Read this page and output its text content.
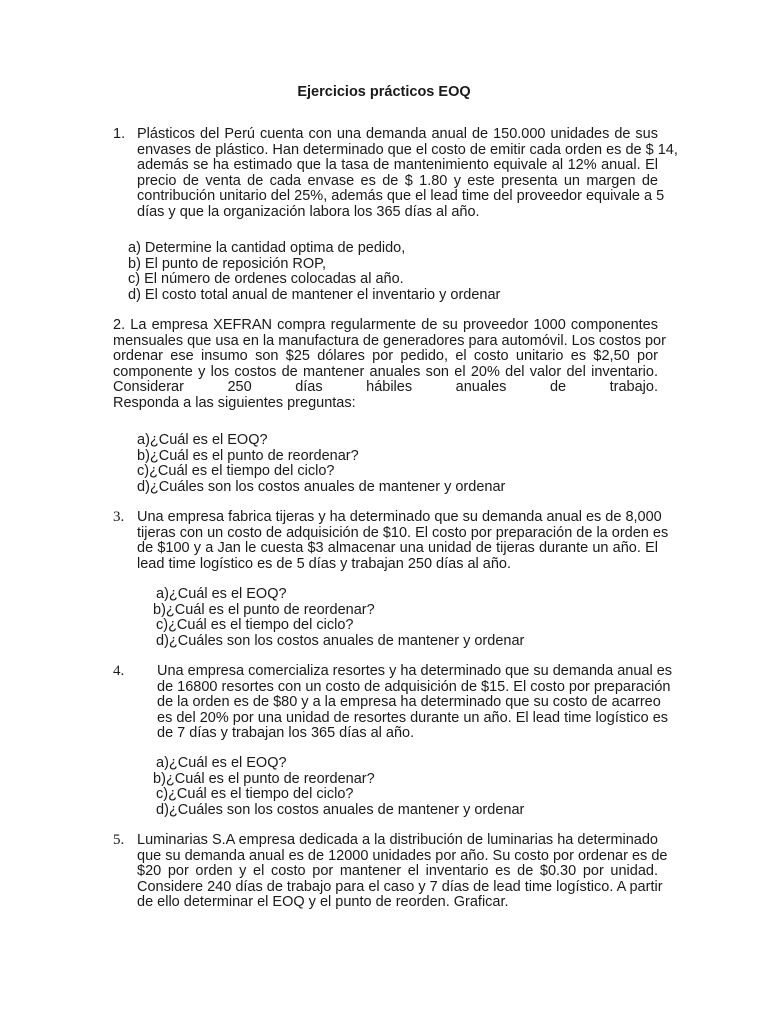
Ejercicios prácticos EOQ
1. Plásticos del Perú cuenta con una demanda anual de 150.000 unidades de sus
envases de plástico. Han determinado que el costo de emitir cada orden es de $ 14,
además se ha estimado que la tasa de mantenimiento equivale al 12% anual. El
precio de venta de cada envase es de $ 1.80 y este presenta un margen de
contribución unitario del 25%, además que el lead time del proveedor equivale a 5
días y que la organización labora los 365 días al año.
a) Determine la cantidad optima de pedido,
b) El punto de reposición ROP,
c) El número de ordenes colocadas al año.
d) El costo total anual de mantener el inventario y ordenar
2. La empresa XEFRAN compra regularmente de su proveedor 1000 componentes
mensuales que usa en la manufactura de generadores para automóvil. Los costos por
ordenar ese insumo son $25 dólares por pedido, el costo unitario es $2,50 por
componente y los costos de mantener anuales son el 20% del valor del inventario.
Considerar 250 días hábiles anuales de trabajo.
Responda a las siguientes preguntas:
a)¿Cuál es el EOQ?
b)¿Cuál es el punto de reordenar?
c)¿Cuál es el tiempo del ciclo?
d)¿Cuáles son los costos anuales de mantener y ordenar
3. Una empresa fabrica tijeras y ha determinado que su demanda anual es de 8,000
tijeras con un costo de adquisición de $10. El costo por preparación de la orden es
de $100 y a Jan le cuesta $3 almacenar una unidad de tijeras durante un año. El
lead time logístico es de 5 días y trabajan 250 días al año.
a)¿Cuál es el EOQ?
b)¿Cuál es el punto de reordenar?
c)¿Cuál es el tiempo del ciclo?
d)¿Cuáles son los costos anuales de mantener y ordenar
4. Una empresa comercializa resortes y ha determinado que su demanda anual es
de 16800 resortes con un costo de adquisición de $15. El costo por preparación
de la orden es de $80 y a la empresa ha determinado que su costo de acarreo
es del 20% por una unidad de resortes durante un año. El lead time logístico es
de 7 días y trabajan los 365 días al año.
a)¿Cuál es el EOQ?
b)¿Cuál es el punto de reordenar?
c)¿Cuál es el tiempo del ciclo?
d)¿Cuáles son los costos anuales de mantener y ordenar
5. Luminarias S.A empresa dedicada a la distribución de luminarias ha determinado
que su demanda anual es de 12000 unidades por año. Su costo por ordenar es de
$20 por orden y el costo por mantener el inventario es de $0.30 por unidad.
Considere 240 días de trabajo para el caso y 7 días de lead time logístico. A partir
de ello determinar el EOQ y el punto de reorden. Graficar.
